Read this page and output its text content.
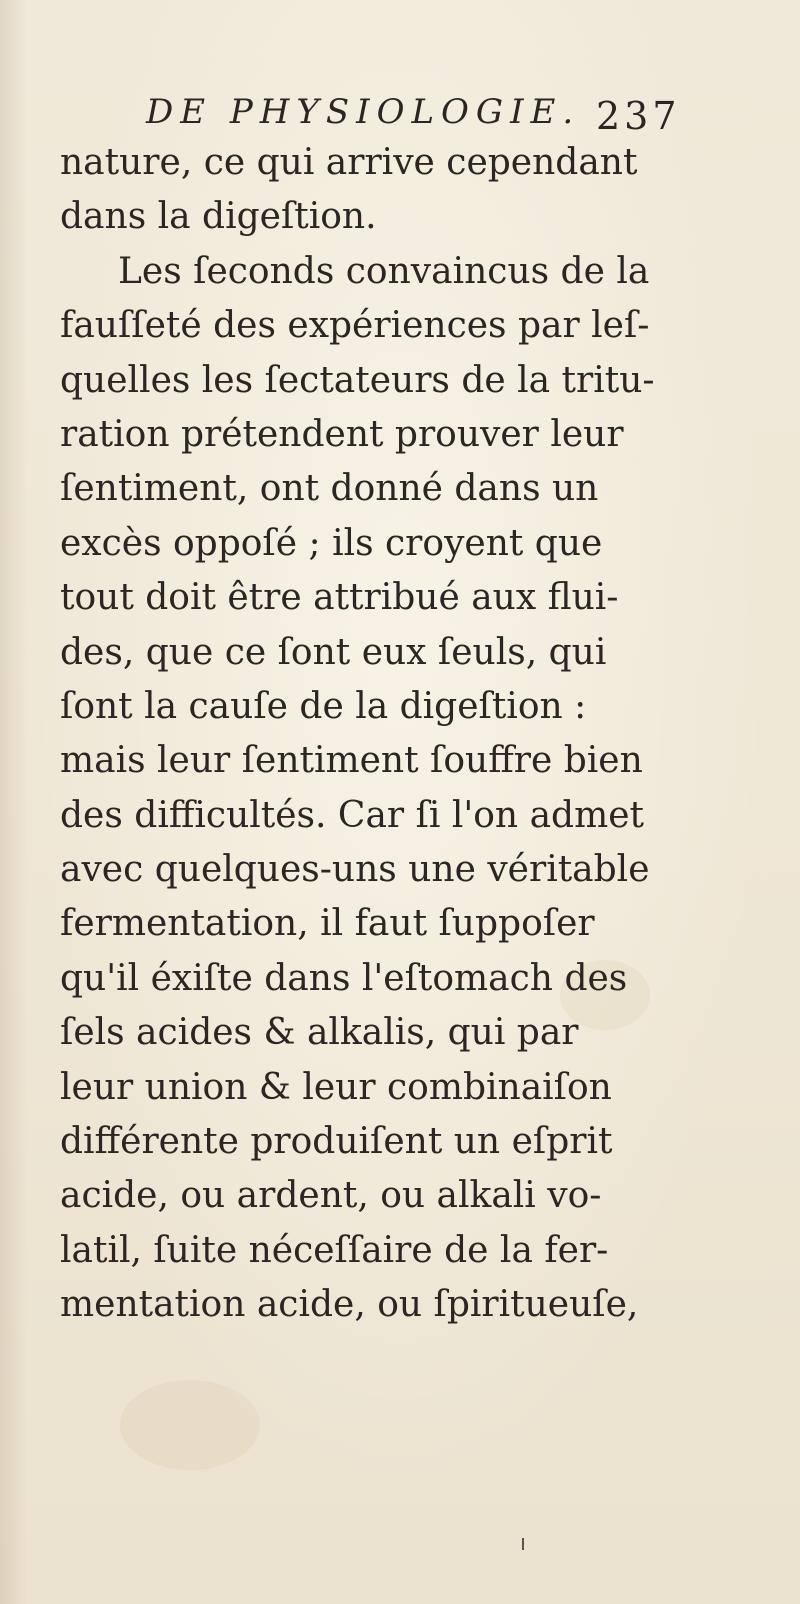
DE PHYSIOLOGIE. 237
nature, ce qui arrive cependant
dans la digeſtion.
Les ſeconds convaincus de la
fauſſeté des expériences par leſ-
quelles les ſectateurs de la tritu-
ration prétendent prouver leur
ſentiment, ont donné dans un
excès oppoſé ; ils croyent que
tout doit être attribué aux flui-
des, que ce ſont eux ſeuls, qui
ſont la cauſe de la digeſtion :
mais leur ſentiment ſouffre bien
des difficultés. Car ſi l'on admet
avec quelques-uns une véritable
fermentation, il faut ſuppoſer
qu'il éxiſte dans l'eſtomach des
ſels acides & alkalis, qui par
leur union & leur combinaiſon
différente produiſent un eſprit
acide, ou ardent, ou alkali vo-
latil, ſuite néceſſaire de la fer-
mentation acide, ou ſpiritueuſe,
